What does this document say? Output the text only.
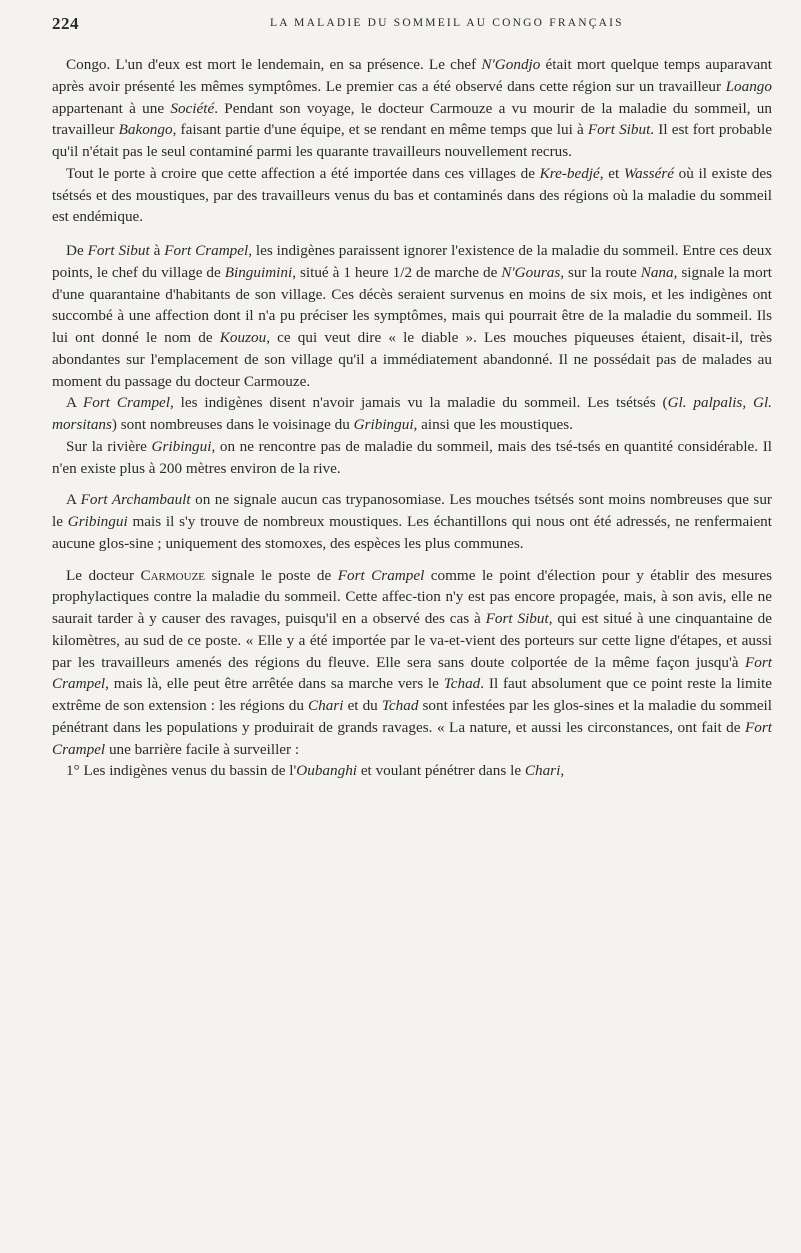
224	LA MALADIE DU SOMMEIL AU CONGO FRANÇAIS

Congo. L'un d'eux est mort le lendemain, en sa présence. Le chef N'Gondjo était mort quelque temps auparavant après avoir présenté les mêmes symptômes. Le premier cas a été observé dans cette région sur un travailleur Loango appartenant à une Société. Pendant son voyage, le docteur Carmouze a vu mourir de la maladie du sommeil, un travailleur Bakongo, faisant partie d'une équipe, et se rendant en même temps que lui à Fort Sibut. Il est fort probable qu'il n'était pas le seul contaminé parmi les quarante travailleurs nouvellement recrus.

Tout le porte à croire que cette affection a été importée dans ces villages de Kre-bedjé, et Wasséré où il existe des tsétsés et des moustiques, par des travailleurs venus du bas et contaminés dans des régions où la maladie du sommeil est endémique.

De Fort Sibut à Fort Crampel, les indigènes paraissent ignorer l'existence de la maladie du sommeil. Entre ces deux points, le chef du village de Binguimini, situé à 1 heure 1/2 de marche de N'Gouras, sur la route Nana, signale la mort d'une quarantaine d'habitants de son village. Ces décès seraient survenus en moins de six mois, et les indigènes ont succombé à une affection dont il n'a pu préciser les symptômes, mais qui pourrait être de la maladie du sommeil. Ils lui ont donné le nom de Kouzou, ce qui veut dire « le diable ». Les mouches piqueuses étaient, disait-il, très abondantes sur l'emplacement de son village qu'il a immédiatement abandonné. Il ne possédait pas de malades au moment du passage du docteur Carmouze.

A Fort Crampel, les indigènes disent n'avoir jamais vu la maladie du sommeil. Les tsétsés (Gl. palpalis, Gl. morsitans) sont nombreuses dans le voisinage du Gribingui, ainsi que les moustiques.

Sur la rivière Gribingui, on ne rencontre pas de maladie du sommeil, mais des tsé-tsés en quantité considérable. Il n'en existe plus à 200 mètres environ de la rive.

A Fort Archambault on ne signale aucun cas trypanosomiase. Les mouches tsétsés sont moins nombreuses que sur le Gribingui mais il s'y trouve de nombreux moustiques. Les échantillons qui nous ont été adressés, ne renfermaient aucune glos-sine ; uniquement des stomoxes, des espèces les plus communes.

Le docteur Carmouze signale le poste de Fort Crampel comme le point d'élection pour y établir des mesures prophylactiques contre la maladie du sommeil. Cette affec-tion n'y est pas encore propagée, mais, à son avis, elle ne saurait tarder à y causer des ravages, puisqu'il en a observé des cas à Fort Sibut, qui est situé à une cinquantaine de kilomètres, au sud de ce poste. « Elle y a été importée par le va-et-vient des porteurs sur cette ligne d'étapes, et aussi par les travailleurs amenés des régions du fleuve. Elle sera sans doute colportée de la même façon jusqu'à Fort Crampel, mais là, elle peut être arrêtée dans sa marche vers le Tchad. Il faut absolument que ce point reste la limite extrême de son extension : les régions du Chari et du Tchad sont infestées par les glos-sines et la maladie du sommeil pénétrant dans les populations y produirait de grands ravages. « La nature, et aussi les circonstances, ont fait de Fort Crampel une barrière facile à surveiller :

1° Les indigènes venus du bassin de l'Oubanghi et voulant pénétrer dans le Chari,
